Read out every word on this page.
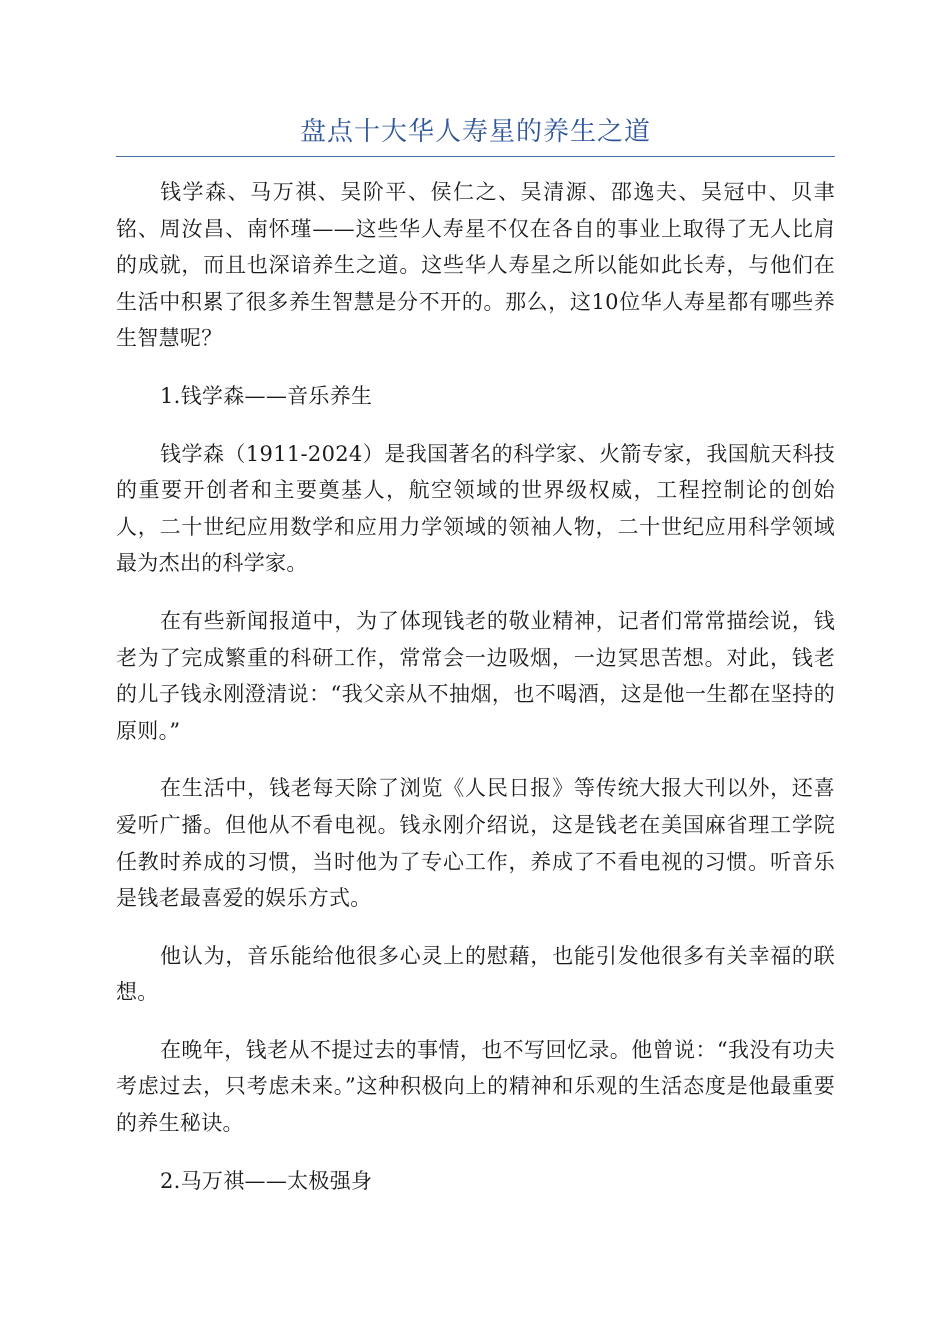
盘点十大华人寿星的养生之道

钱学森、马万祺、吴阶平、侯仁之、吴清源、邵逸夫、吴冠中、贝聿铭、周汝昌、南怀瑾——这些华人寿星不仅在各自的事业上取得了无人比肩的成就，而且也深谙养生之道。这些华人寿星之所以能如此长寿，与他们在生活中积累了很多养生智慧是分不开的。那么，这10位华人寿星都有哪些养生智慧呢？

1.钱学森——音乐养生

钱学森（1911-2024）是我国著名的科学家、火箭专家，我国航天科技的重要开创者和主要奠基人，航空领域的世界级权威，工程控制论的创始人，二十世纪应用数学和应用力学领域的领袖人物，二十世纪应用科学领域最为杰出的科学家。

在有些新闻报道中，为了体现钱老的敬业精神，记者们常常描绘说，钱老为了完成繁重的科研工作，常常会一边吸烟，一边冥思苦想。对此，钱老的儿子钱永刚澄清说：“我父亲从不抽烟，也不喝酒，这是他一生都在坚持的原则。”

在生活中，钱老每天除了浏览《人民日报》等传统大报大刊以外，还喜爱听广播。但他从不看电视。钱永刚介绍说，这是钱老在美国麻省理工学院任教时养成的习惯，当时他为了专心工作，养成了不看电视的习惯。听音乐是钱老最喜爱的娱乐方式。

他认为，音乐能给他很多心灵上的慰藉，也能引发他很多有关幸福的联想。

在晚年，钱老从不提过去的事情，也不写回忆录。他曾说：“我没有功夫考虑过去，只考虑未来。”这种积极向上的精神和乐观的生活态度是他最重要的养生秘诀。

2.马万祺——太极强身
